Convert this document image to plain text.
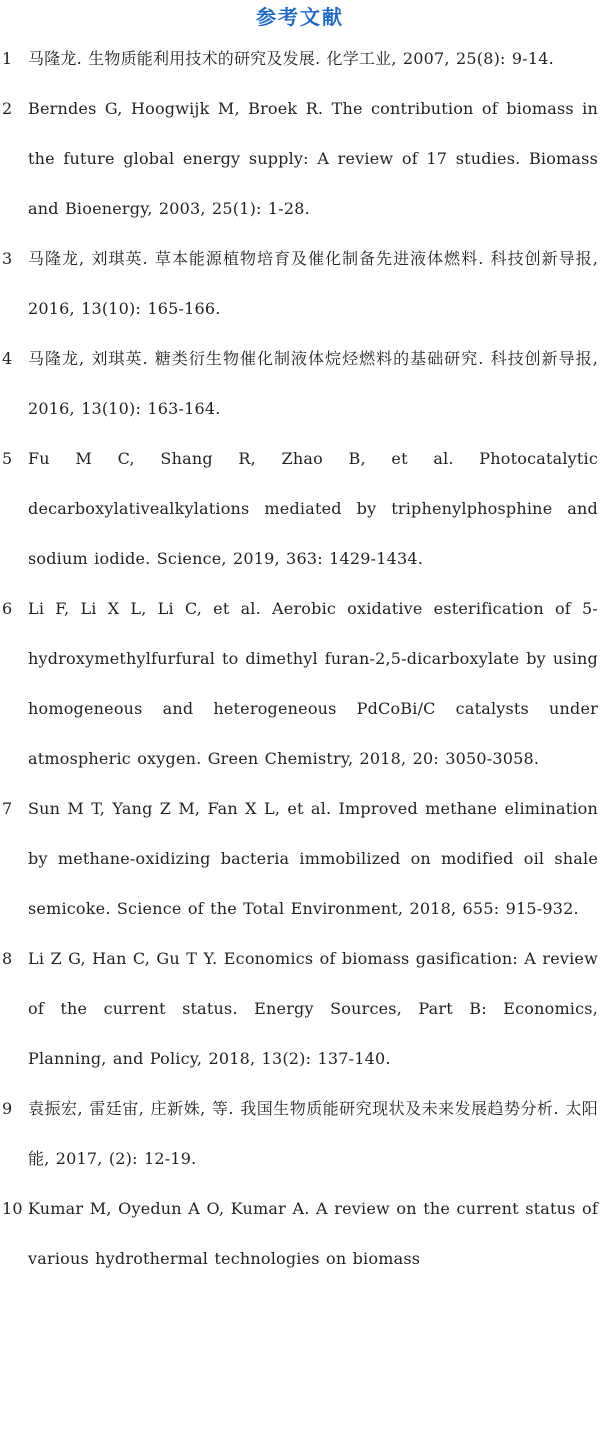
参考文献
1 马隆龙. 生物质能利用技术的研究及发展. 化学工业, 2007, 25(8): 9-14.
2 Berndes G, Hoogwijk M, Broek R. The contribution of biomass in the future global energy supply: A review of 17 studies. Biomass and Bioenergy, 2003, 25(1): 1-28.
3 马隆龙, 刘琪英. 草本能源植物培育及催化制备先进液体燃料. 科技创新导报, 2016, 13(10): 165-166.
4 马隆龙, 刘琪英. 糖类衍生物催化制液体烷烃燃料的基础研究. 科技创新导报, 2016, 13(10): 163-164.
5 Fu M C, Shang R, Zhao B, et al. Photocatalytic decarboxylativealkylations mediated by triphenylphosphine and sodium iodide. Science, 2019, 363: 1429-1434.
6 Li F, Li X L, Li C, et al. Aerobic oxidative esterification of 5-hydroxymethylfurfural to dimethyl furan-2,5-dicarboxylate by using homogeneous and heterogeneous PdCoBi/C catalysts under atmospheric oxygen. Green Chemistry, 2018, 20: 3050-3058.
7 Sun M T, Yang Z M, Fan X L, et al. Improved methane elimination by methane-oxidizing bacteria immobilized on modified oil shale semicoke. Science of the Total Environment, 2018, 655: 915-932.
8 Li Z G, Han C, Gu T Y. Economics of biomass gasification: A review of the current status. Energy Sources, Part B: Economics, Planning, and Policy, 2018, 13(2): 137-140.
9 袁振宏, 雷廷宙, 庄新姝, 等. 我国生物质能研究现状及未来发展趋势分析. 太阳能, 2017, (2): 12-19.
10 Kumar M, Oyedun A O, Kumar A. A review on the current status of various hydrothermal technologies on biomass
